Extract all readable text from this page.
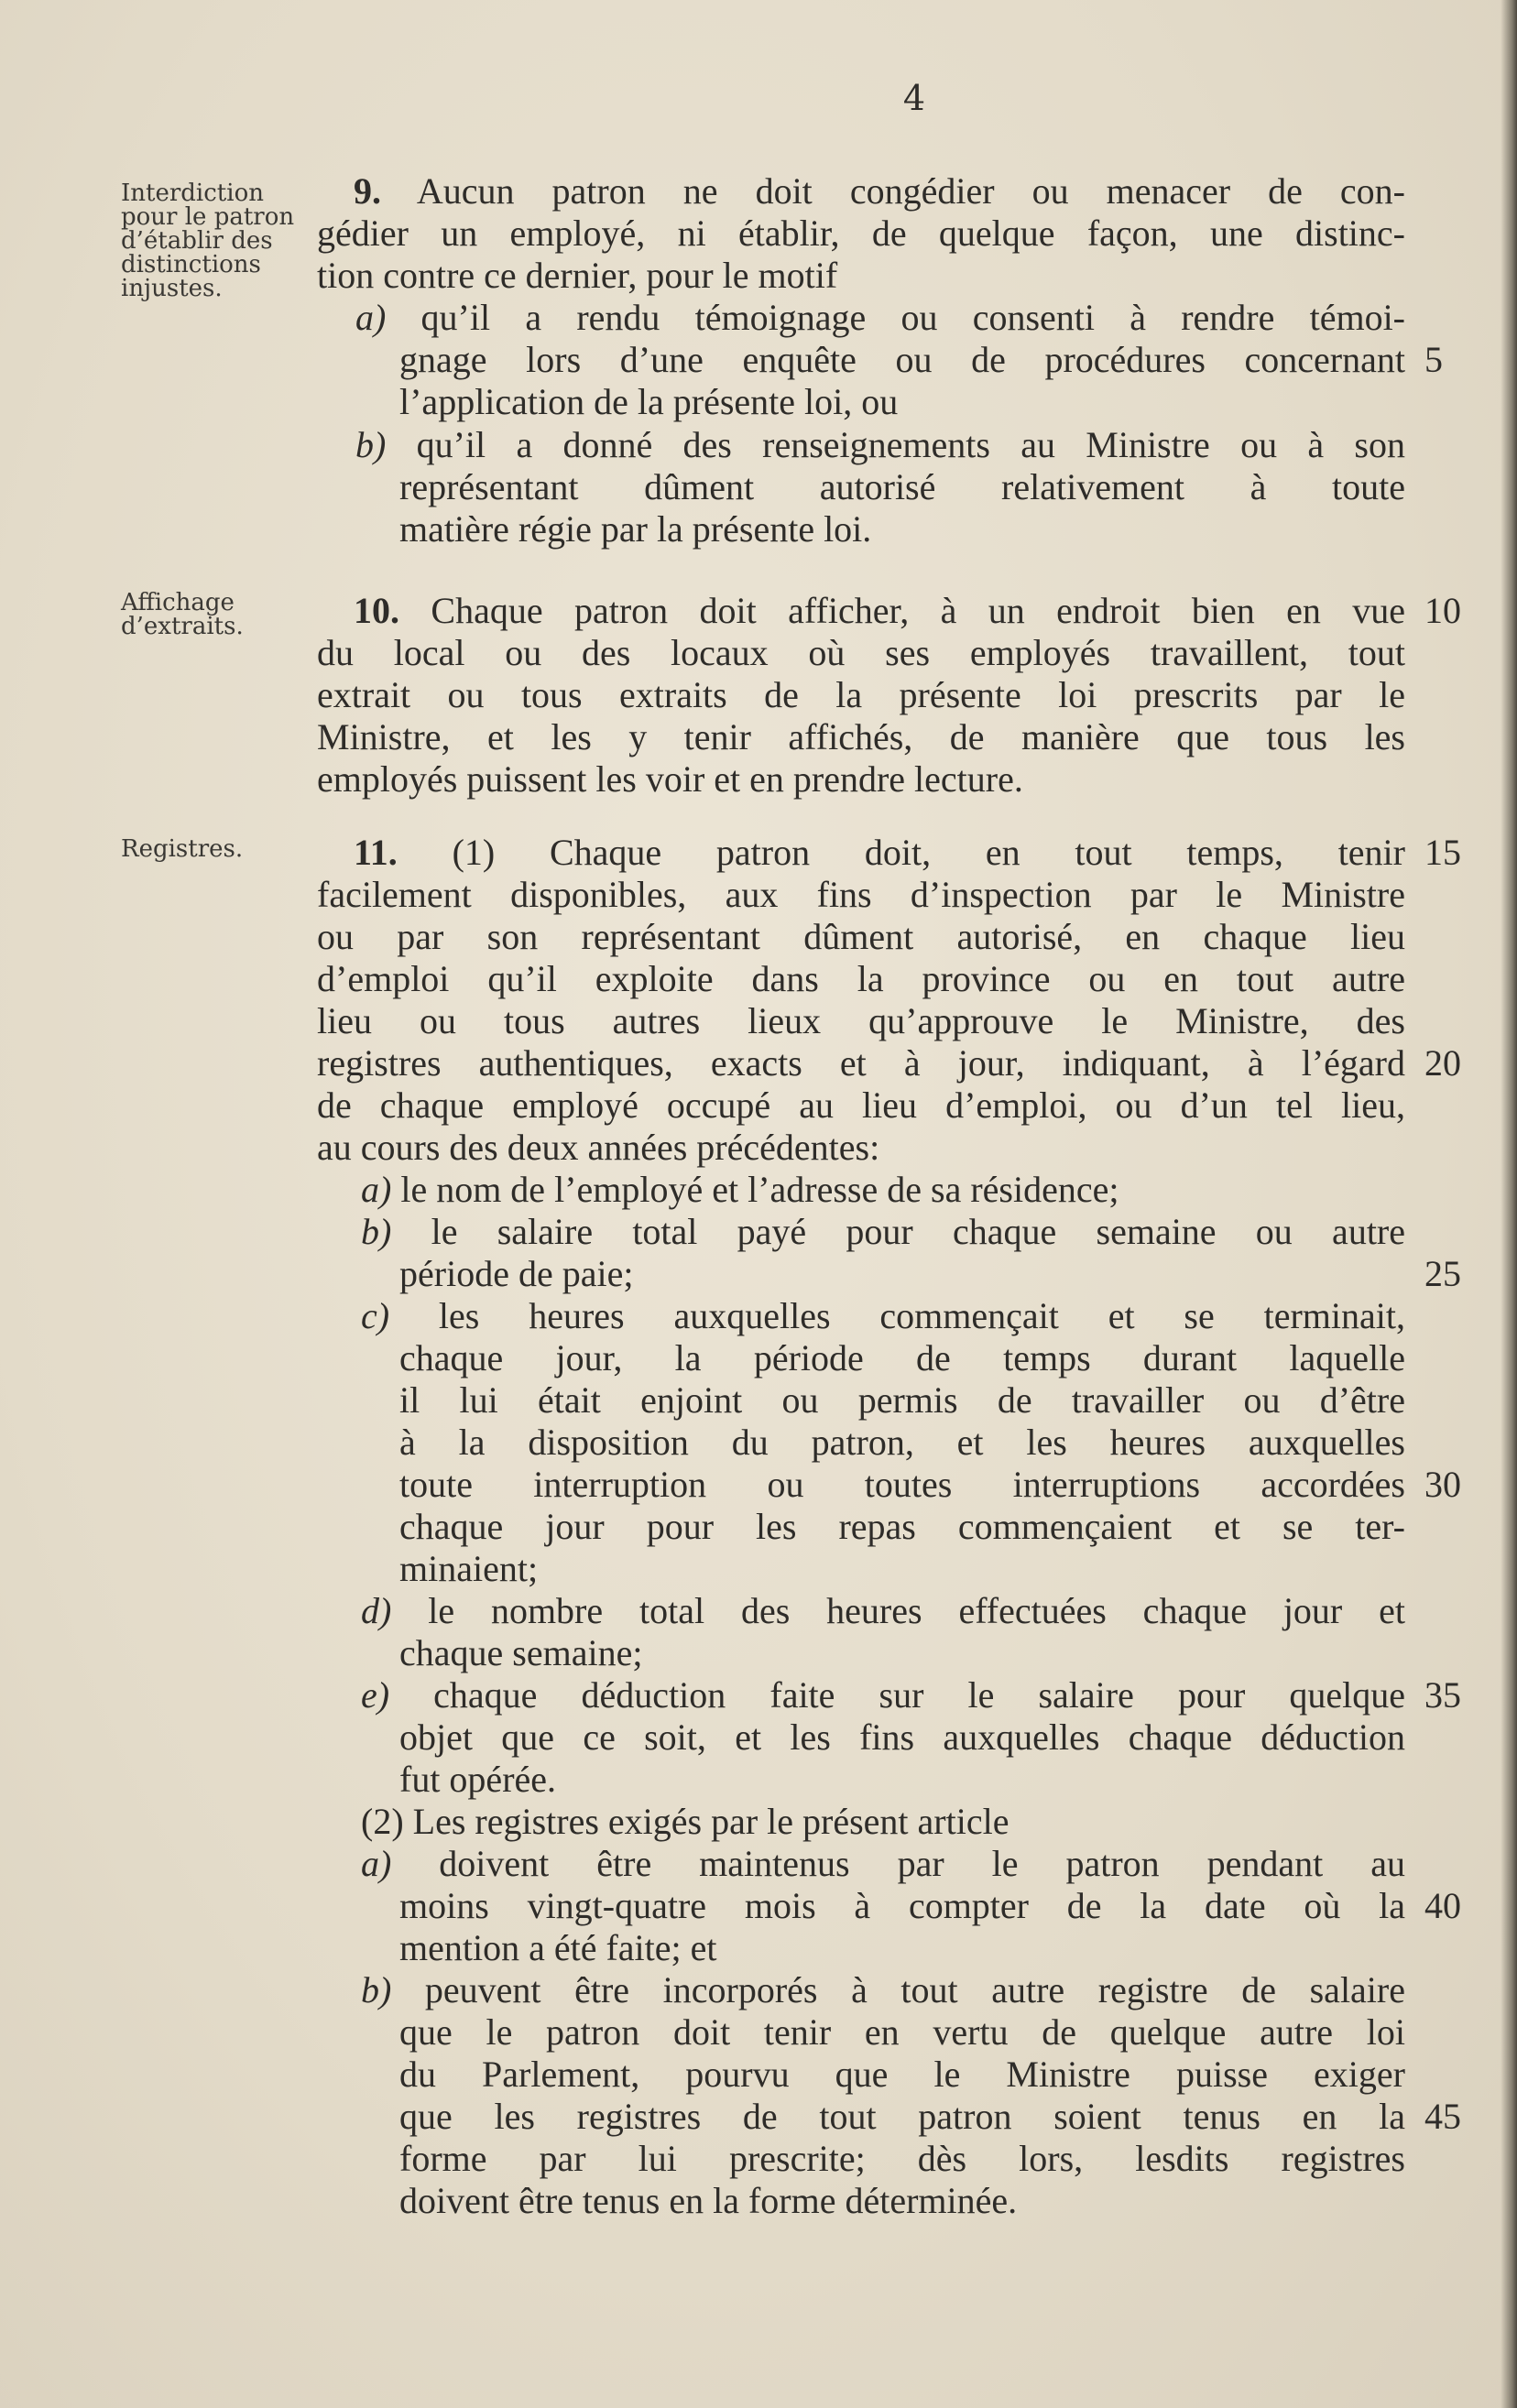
4
Interdiction
pour le patron
d’établir des
distinctions
injustes.
Affichage
d’extraits.
Registres.
9. Aucun patron ne doit congédier ou menacer de con-
gédier un employé, ni établir, de quelque façon, une distinc-
tion contre ce dernier, pour le motif
a) qu’il a rendu témoignage ou consenti à rendre témoi-
gnage lors d’une enquête ou de procédures concernant
l’application de la présente loi, ou
b) qu’il a donné des renseignements au Ministre ou à son
représentant dûment autorisé relativement à toute
matière régie par la présente loi.
10. Chaque patron doit afficher, à un endroit bien en vue
du local ou des locaux où ses employés travaillent, tout
extrait ou tous extraits de la présente loi prescrits par le
Ministre, et les y tenir affichés, de manière que tous les
employés puissent les voir et en prendre lecture.
11. (1) Chaque patron doit, en tout temps, tenir
facilement disponibles, aux fins d’inspection par le Ministre
ou par son représentant dûment autorisé, en chaque lieu
d’emploi qu’il exploite dans la province ou en tout autre
lieu ou tous autres lieux qu’approuve le Ministre, des
registres authentiques, exacts et à jour, indiquant, à l’égard
de chaque employé occupé au lieu d’emploi, ou d’un tel lieu,
au cours des deux années précédentes:
a) le nom de l’employé et l’adresse de sa résidence;
b) le salaire total payé pour chaque semaine ou autre
période de paie;
c) les heures auxquelles commençait et se terminait,
chaque jour, la période de temps durant laquelle
il lui était enjoint ou permis de travailler ou d’être
à la disposition du patron, et les heures auxquelles
toute interruption ou toutes interruptions accordées
chaque jour pour les repas commençaient et se ter-
minaient;
d) le nombre total des heures effectuées chaque jour et
chaque semaine;
e) chaque déduction faite sur le salaire pour quelque
objet que ce soit, et les fins auxquelles chaque déduction
fut opérée.
(2) Les registres exigés par le présent article
a) doivent être maintenus par le patron pendant au
moins vingt-quatre mois à compter de la date où la
mention a été faite; et
b) peuvent être incorporés à tout autre registre de salaire
que le patron doit tenir en vertu de quelque autre loi
du Parlement, pourvu que le Ministre puisse exiger
que les registres de tout patron soient tenus en la
forme par lui prescrite; dès lors, lesdits registres
doivent être tenus en la forme déterminée.
5
10
15
20
25
30
35
40
45
